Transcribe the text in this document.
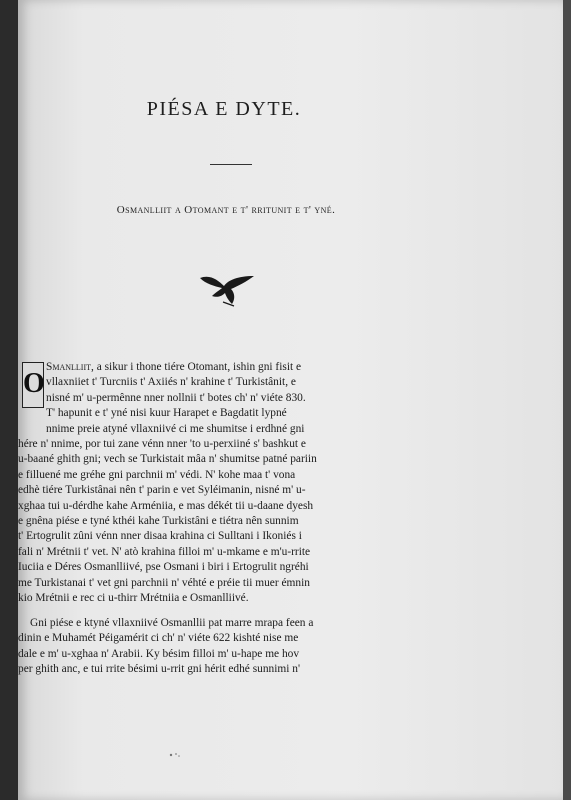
PIÉSA E DYTE.
Osmanlliit a Otomant e t' rritunit e t' yné.
O
Smanlliit, a sikur i thone tiére Otomant, ishin gni fisit e
vllaxniiet t' Turcniis t' Axiiés n' krahine t' Turkistânit, e
nisné m' u-permênne nner nollnii t' botes ch' n' viéte 830.
T' hapunit e t' yné nisi kuur Harapet e Bagdatit lypné
nnime preie atyné vllaxniivé ci me shumitse i erdhné gni
hére n' nnime, por tui zane vénn nner 'to u-perxiiné s' bashkut e
u-baané ghith gni; vech se Turkistait mâa n' shumitse patné pariin
e filluené me gréhe gni parchnii m' védi. N' kohe maa t' vona
edhè tiére Turkistânai nên t' parin e vet Syléimanin, nisné m' u-
xghaa tui u-dérdhe kahe Arméniia, e mas dékét tii u-daane dyesh
e gnêna piése e tyné kthéi kahe Turkistâni e tiétra nên sunnim
t' Ertogrulit zûni vénn nner disaa krahina ci Sulltani i Ikoniés i
fali n' Mrétnii t' vet. N' atò krahina filloi m' u-mkame e m'u-rrite
Iuciia e Déres Osmanlliivé, pse Osmani i biri i Ertogrulit ngréhi
me Turkistanai t' vet gni parchnii n' véhté e préie tii muer émnin
kio Mrétnii e rec ci u-thirr Mrétniia e Osmanlliivé.
Gni piése e ktyné vllaxniivé Osmanllii pat marre mrapa feen a
dinin e Muhamét Péigamérit ci ch' n' viéte 622 kishté nise me
dale e m' u-xghaa n' Arabii. Ky bésim filloi m' u-hape me hov
per ghith anc, e tui rrite bésimi u-rrit gni hérit edhé sunnimi n'
